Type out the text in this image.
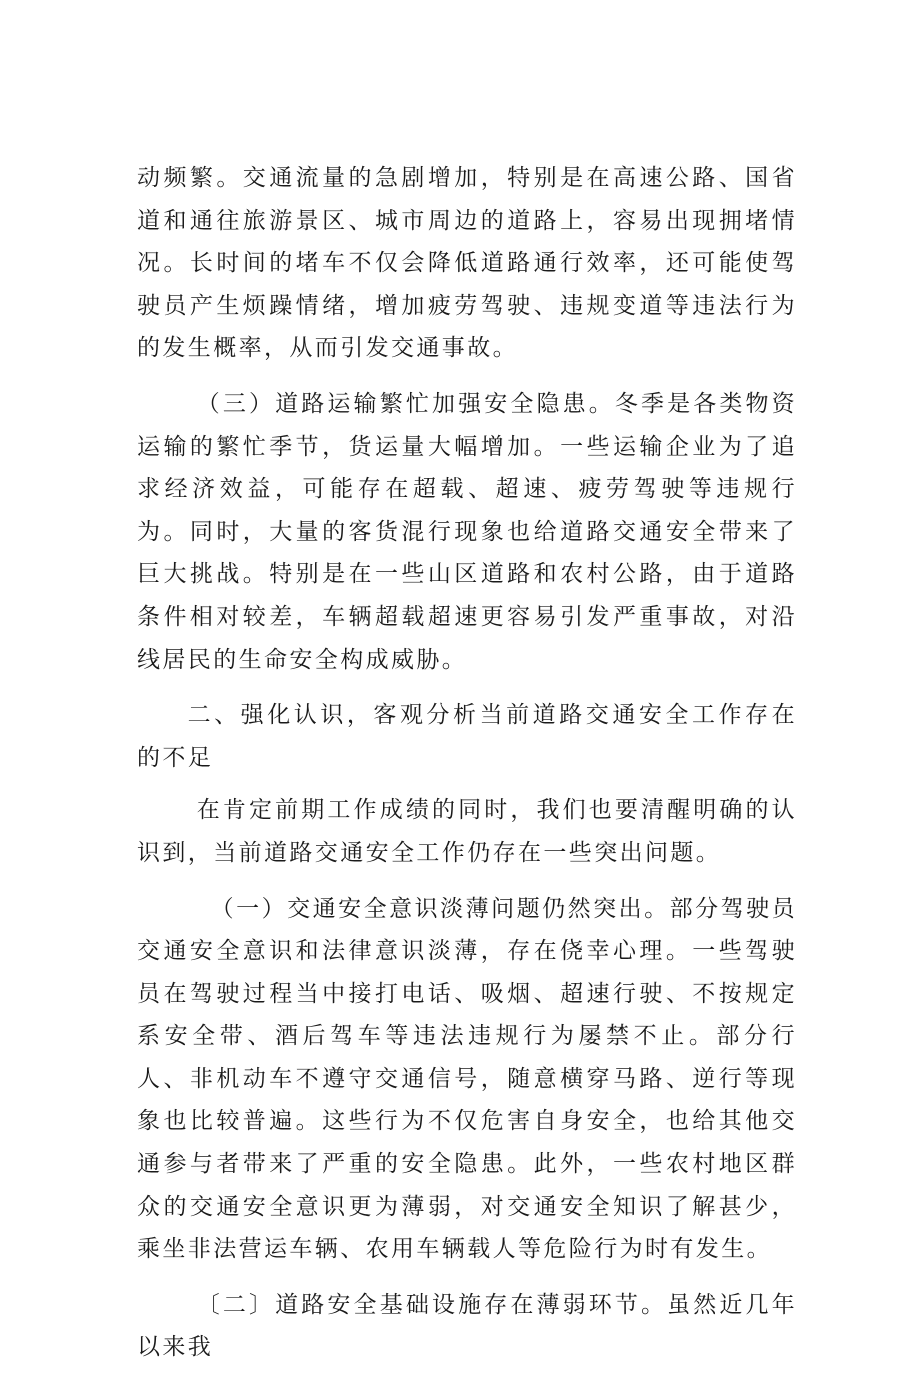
动频繁。交通流量的急剧增加，特别是在高速公路、国省道和通往旅游景区、城市周边的道路上，容易出现拥堵情况。长时间的堵车不仅会降低道路通行效率，还可能使驾驶员产生烦躁情绪，增加疲劳驾驶、违规变道等违法行为的发生概率，从而引发交通事故。

（三）道路运输繁忙加强安全隐患。冬季是各类物资运输的繁忙季节，货运量大幅增加。一些运输企业为了追求经济效益，可能存在超载、超速、疲劳驾驶等违规行为。同时，大量的客货混行现象也给道路交通安全带来了巨大挑战。特别是在一些山区道路和农村公路，由于道路条件相对较差，车辆超载超速更容易引发严重事故，对沿线居民的生命安全构成威胁。

二、强化认识，客观分析当前道路交通安全工作存在的不足

在肯定前期工作成绩的同时，我们也要清醒明确的认识到，当前道路交通安全工作仍存在一些突出问题。

（一）交通安全意识淡薄问题仍然突出。部分驾驶员交通安全意识和法律意识淡薄，存在侥幸心理。一些驾驶员在驾驶过程当中接打电话、吸烟、超速行驶、不按规定系安全带、酒后驾车等违法违规行为屡禁不止。部分行人、非机动车不遵守交通信号，随意横穿马路、逆行等现象也比较普遍。这些行为不仅危害自身安全，也给其他交通参与者带来了严重的安全隐患。此外，一些农村地区群众的交通安全意识更为薄弱，对交通安全知识了解甚少，乘坐非法营运车辆、农用车辆载人等危险行为时有发生。

〔二〕道路安全基础设施存在薄弱环节。虽然近几年以来我
